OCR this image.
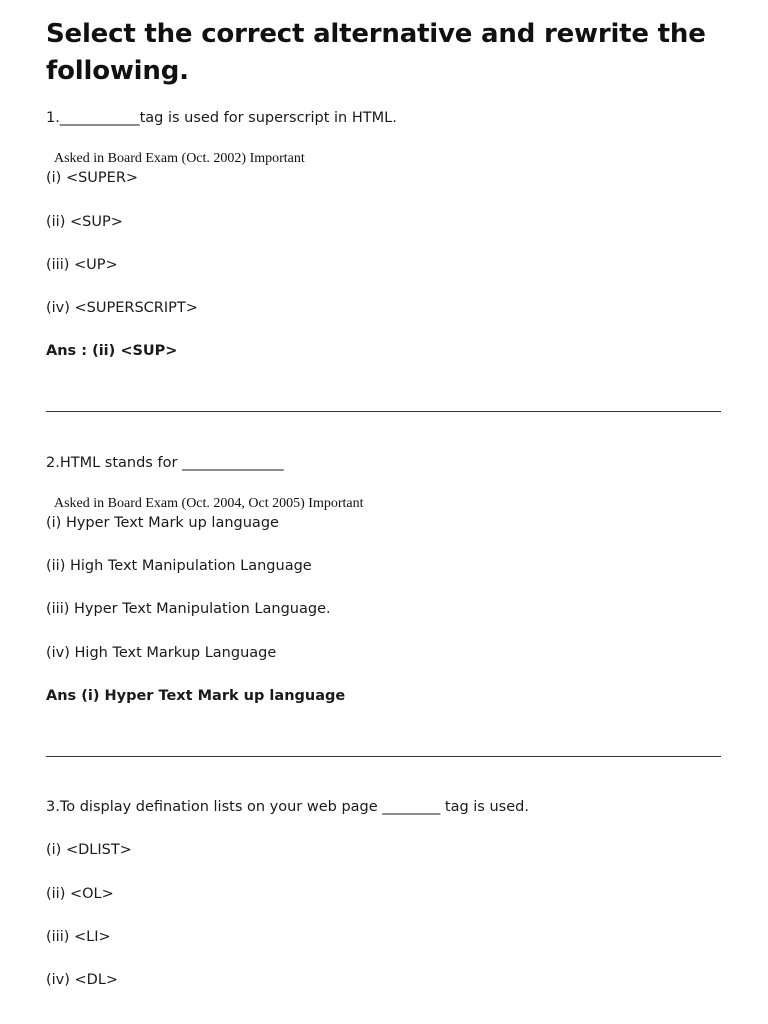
Select the correct alternative and rewrite the following.
1.___________tag is used for superscript in HTML.
Asked in Board Exam (Oct. 2002) Important
(i) <SUPER>
(ii) <SUP>
(iii) <UP>
(iv) <SUPERSCRIPT>
Ans : (ii) <SUP>
2.HTML stands for ______________
Asked in Board Exam (Oct. 2004, Oct 2005) Important
(i) Hyper Text Mark up language
(ii) High Text Manipulation Language
(iii) Hyper Text Manipulation Language.
(iv) High Text Markup Language
Ans (i) Hyper Text Mark up language
3.To display defination lists on your web page ________ tag is used.
(i) <DLIST>
(ii) <OL>
(iii) <LI>
(iv) <DL>
